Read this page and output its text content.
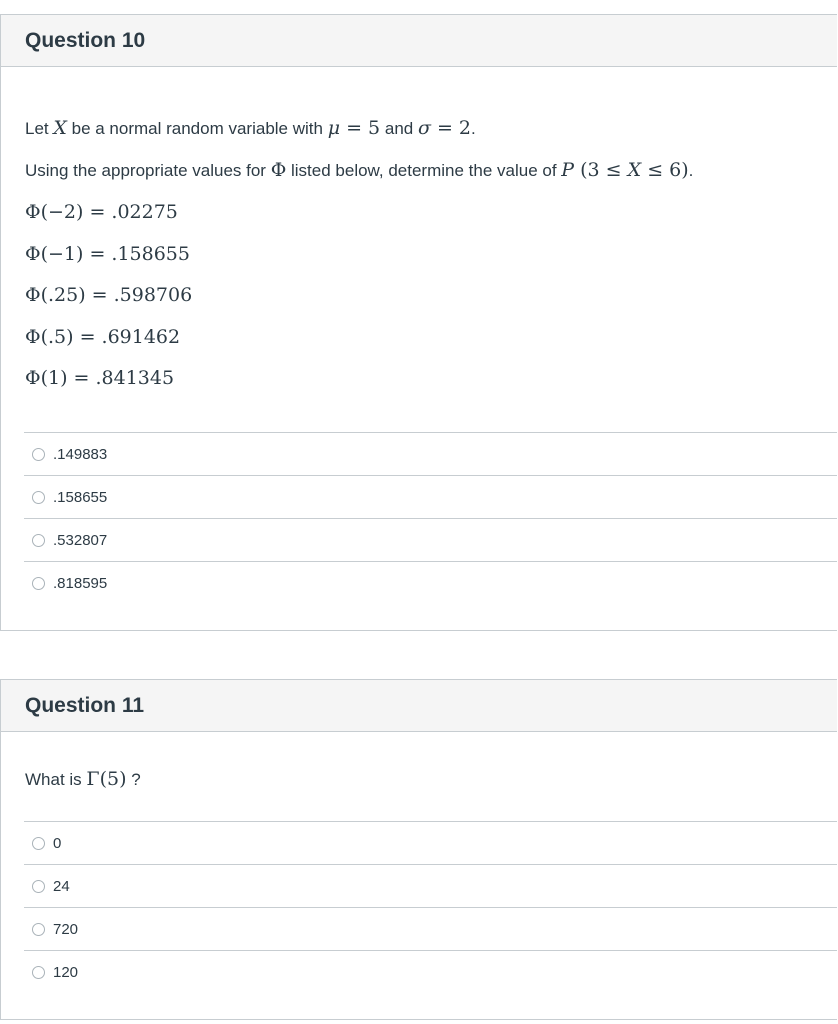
Question 10
Let X be a normal random variable with μ = 5 and σ = 2.
Using the appropriate values for Φ listed below, determine the value of P (3 ≤ X ≤ 6).
Φ(−2) = .02275
Φ(−1) = .158655
Φ(.25) = .598706
Φ(.5) = .691462
Φ(1) = .841345
.149883
.158655
.532807
.818595
Question 11
What is Γ(5) ?
0
24
720
120
